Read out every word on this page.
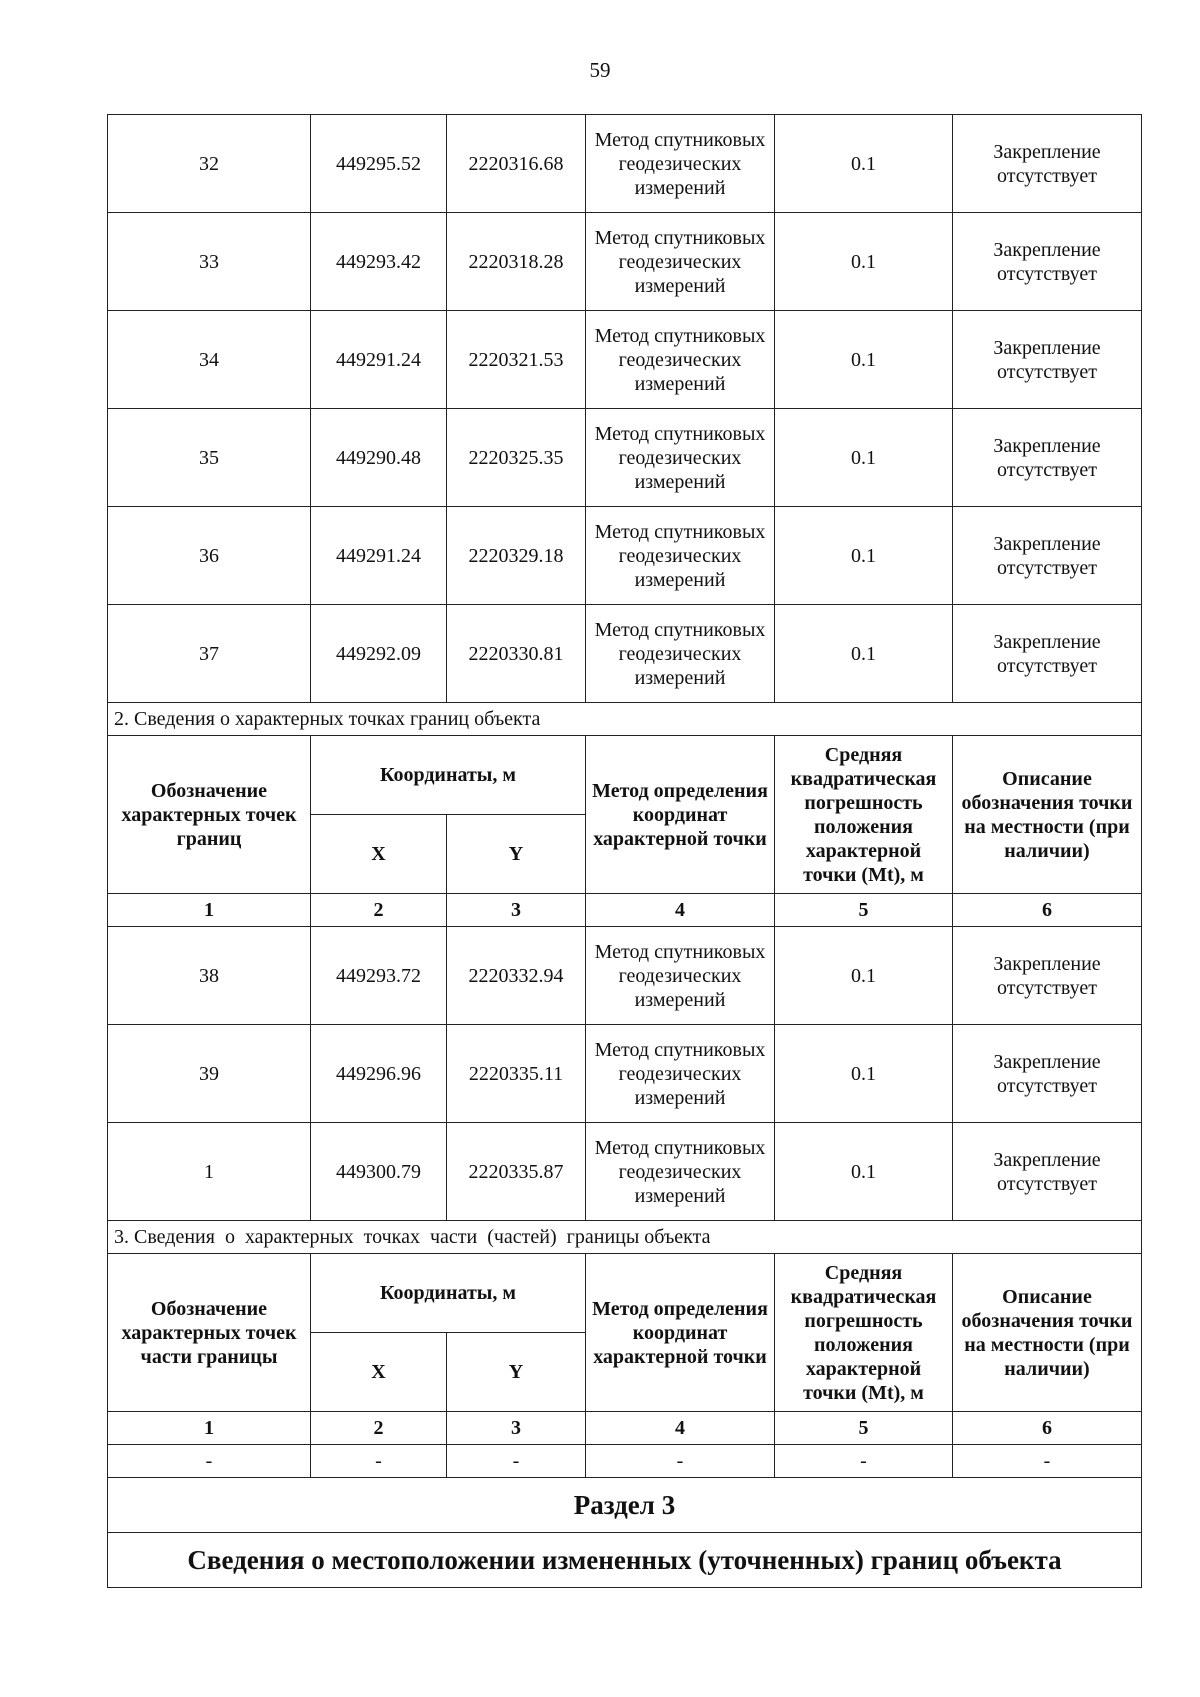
59
32	449295.52	2220316.68	Метод спутниковых геодезических измерений	0.1	Закрепление отсутствует
33	449293.42	2220318.28	Метод спутниковых геодезических измерений	0.1	Закрепление отсутствует
34	449291.24	2220321.53	Метод спутниковых геодезических измерений	0.1	Закрепление отсутствует
35	449290.48	2220325.35	Метод спутниковых геодезических измерений	0.1	Закрепление отсутствует
36	449291.24	2220329.18	Метод спутниковых геодезических измерений	0.1	Закрепление отсутствует
37	449292.09	2220330.81	Метод спутниковых геодезических измерений	0.1	Закрепление отсутствует
2. Сведения о характерных точках границ объекта					
Обозначение характерных точек границ	Координаты, м		Метод определения координат характерной точки	Средняя квадратическая погрешность положения характерной точки (Mt), м	Описание обозначения точки на местности (при наличии)
	X	Y			
1	2	3	4	5	6
38	449293.72	2220332.94	Метод спутниковых геодезических измерений	0.1	Закрепление отсутствует
39	449296.96	2220335.11	Метод спутниковых геодезических измерений	0.1	Закрепление отсутствует
1	449300.79	2220335.87	Метод спутниковых геодезических измерений	0.1	Закрепление отсутствует
3. Сведения  о  характерных  точках  части  (частей)  границы объекта					
Обозначение характерных точек части границы	Координаты, м		Метод определения координат характерной точки	Средняя квадратическая погрешность положения характерной точки (Mt), м	Описание обозначения точки на местности (при наличии)
	X	Y			
1	2	3	4	5	6
-	-	-	-	-	-
Раздел 3					
Сведения о местоположении измененных (уточненных) границ объекта					
